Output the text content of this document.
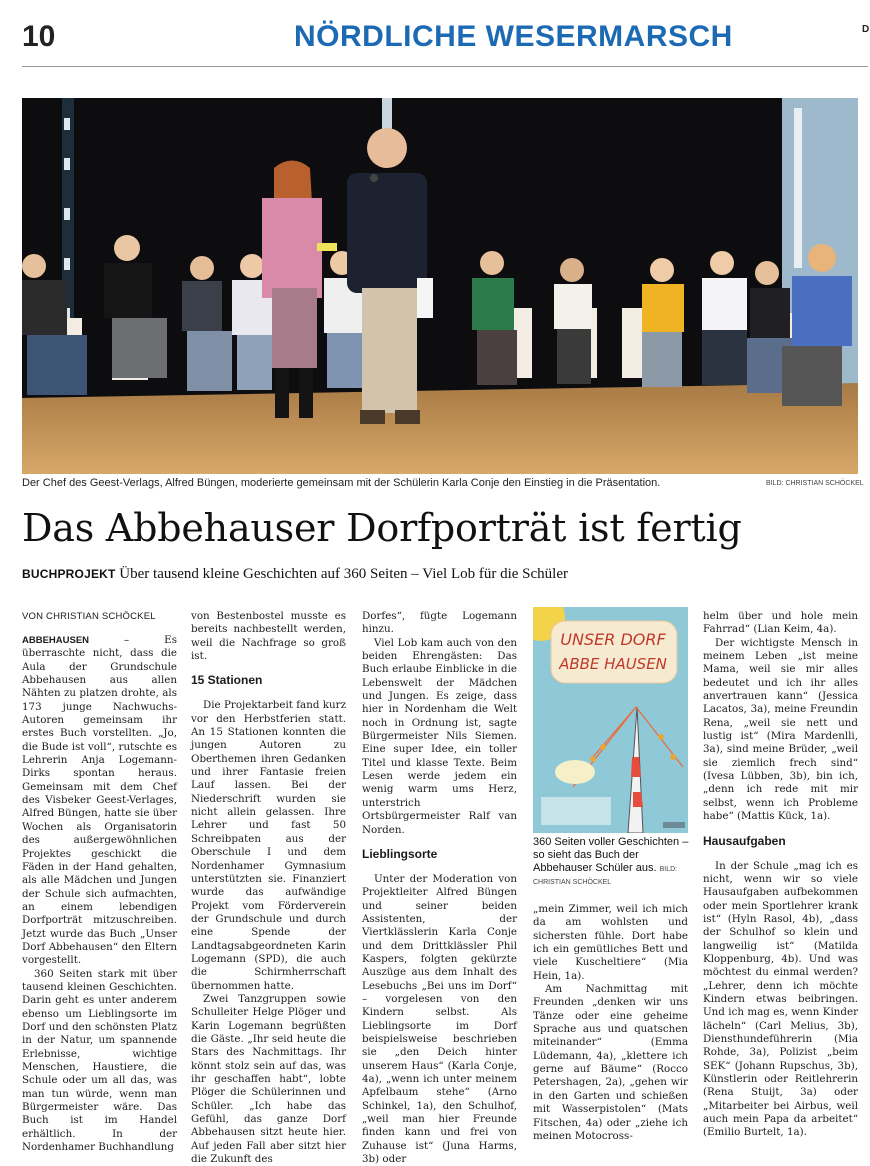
10	NÖRDLICHE WESERMARSCH	D
Der Chef des Geest-Verlags, Alfred Büngen, moderierte gemeinsam mit der Schülerin Karla Conje den Einstieg in die Präsentation.	BILD: CHRISTIAN SCHÖCKEL
Das Abbehauser Dorfporträt ist fertig
BUCHPROJEKT Über tausend kleine Geschichten auf 360 Seiten – Viel Lob für die Schüler
VON CHRISTIAN SCHÖCKEL

ABBEHAUSEN	– Es überraschte nicht, dass die Aula der Grundschule Abbehausen aus allen Nähten zu platzen drohte, als 173 junge Nachwuchs-Autoren gemeinsam ihr erstes Buch vorstellten. „Jo, die Bude ist voll“, rutschte es Lehrerin Anja Logemann-Dirks spontan heraus. Gemeinsam mit dem Chef des Visbeker Geest-Verlages, Alfred Büngen, hatte sie über Wochen als Organisatorin des außergewöhnlichen Projektes geschickt die Fäden in der Hand gehalten, als alle Mädchen und Jungen der Schule sich aufmachten, an einem lebendigen Dorfporträt mitzuschreiben. Jetzt wurde das Buch „Unser Dorf Abbehausen“ den Eltern vorgestellt.

360 Seiten stark mit über tausend kleinen Geschichten. Darin geht es unter anderem ebenso um Lieblingsorte im Dorf und den schönsten Platz in der Natur, um spannende Erlebnisse, wichtige Menschen, Haustiere, die Schule oder um all das, was man tun würde, wenn man Bürgermeister wäre. Das Buch ist im Handel erhältlich. In der Nordenhamer Buchhandlung

von Bestenbostel musste es bereits nachbestellt werden, weil die Nachfrage so groß ist.

15 Stationen

Die Projektarbeit fand kurz vor den Herbstferien statt. An 15 Stationen konnten die jungen Autoren zu Oberthemen ihren Gedanken und ihrer Fantasie freien Lauf lassen. Bei der Niederschrift wurden sie nicht allein gelassen. Ihre Lehrer und fast 50 Schreibpaten aus der Oberschule I und dem Nordenhamer Gymnasium unterstützten sie. Finanziert wurde das aufwändige Projekt vom Förderverein der Grundschule und durch eine Spende der Landtagsabgeordneten Karin Logemann (SPD), die auch die Schirmherrschaft übernommen hatte.

Zwei Tanzgruppen sowie Schulleiter Helge Plöger und Karin Logemann begrüßten die Gäste. „Ihr seid heute die Stars des Nachmittags. Ihr könnt stolz sein auf das, was ihr geschaffen habt“, lobte Plöger die Schülerinnen und Schüler. „Ich habe das Gefühl, das ganze Dorf Abbehausen sitzt heute hier. Auf jeden Fall aber sitzt hier die Zukunft des

Dorfes“, fügte Logemann hinzu.

Viel Lob kam auch von den beiden Ehrengästen: Das Buch erlaube Einblicke in die Lebenswelt der Mädchen und Jungen. Es zeige, dass hier in Nordenham die Welt noch in Ordnung ist, sagte Bürgermeister Nils Siemen. Eine super Idee, ein toller Titel und klasse Texte. Beim Lesen werde jedem ein wenig warm ums Herz, unterstrich Ortsbürgermeister Ralf van Norden.

Lieblingsorte

Unter der Moderation von Projektleiter Alfred Büngen und seiner beiden Assistenten, der Viertklässlerin Karla Conje und dem Drittklässler Phil Kaspers, folgten gekürzte Auszüge aus dem Inhalt des Lesebuchs „Bei uns im Dorf“ – vorgelesen von den Kindern selbst. Als Lieblingsorte im Dorf beispielsweise beschrieben sie „den Deich hinter unserem Haus“ (Karla Conje, 4a), „wenn ich unter meinem Apfelbaum stehe“ (Arno Schinkel, 1a), den Schulhof, „weil man hier Freunde finden kann und frei von Zuhause ist“ (Juna Harms, 3b) oder

UNSER DORF
ABBE HAUSEN
360 Seiten voller Geschichten – so sieht das Buch der Abbehauser Schüler aus. BILD: CHRISTIAN SCHÖCKEL

„mein Zimmer, weil ich mich da am wohlsten und sichersten fühle. Dort habe ich ein gemütliches Bett und viele Kuscheltiere“ (Mia Hein, 1a).

Am Nachmittag mit Freunden „denken wir uns Tänze oder eine geheime Sprache aus und quatschen miteinander“ (Emma Lüdemann, 4a), „klettere ich gerne auf Bäume“ (Rocco Petershagen, 2a), „gehen wir in den Garten und schießen mit Wasserpistolen“ (Mats Fitschen, 4a) oder „ziehe ich meinen Motocross-

helm über und hole mein Fahrrad“ (Lian Keim, 4a).

Der wichtigste Mensch in meinem Leben „ist meine Mama, weil sie mir alles bedeutet und ich ihr alles anvertrauen kann“ (Jessica Lacatos, 3a), meine Freundin Rena, „weil sie nett und lustig ist“ (Mira Mardenlli, 3a), sind meine Brüder, „weil sie ziemlich frech sind“ (Ivesa Lübben, 3b), bin ich, „denn ich rede mit mir selbst, wenn ich Probleme habe“ (Mattis Kück, 1a).

Hausaufgaben

In der Schule „mag ich es nicht, wenn wir so viele Hausaufgaben aufbekommen oder mein Sportlehrer krank ist“ (Hyln Rasol, 4b), „dass der Schulhof so klein und langweilig ist“ (Matilda Kloppenburg, 4b). Und was möchtest du einmal werden? „Lehrer, denn ich möchte Kindern etwas beibringen. Und ich mag es, wenn Kinder lächeln“ (Carl Melius, 3b), Diensthundeführerin (Mia Rohde, 3a), Polizist „beim SEK“ (Johann Rupschus, 3b), Künstlerin oder Reitlehrerin (Rena Stuijt, 3a) oder „Mitarbeiter bei Airbus, weil auch mein Papa da arbeitet“ (Emilio Burtelt, 1a).
